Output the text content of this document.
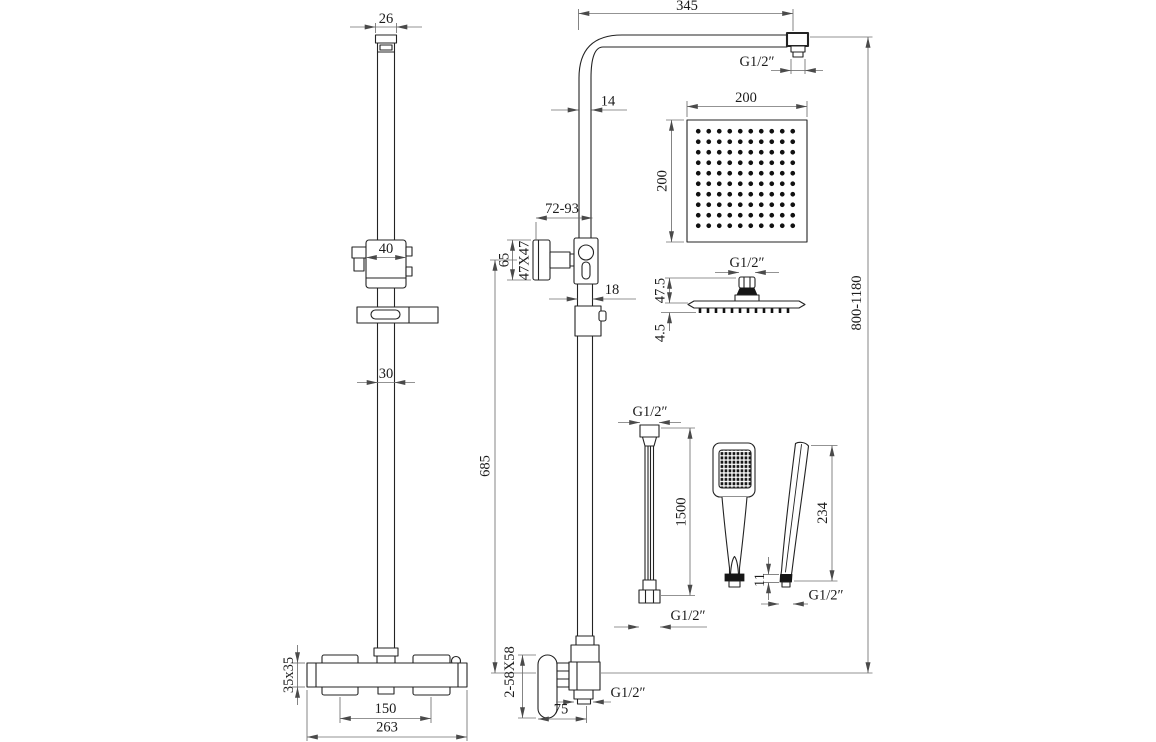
26
40
30
35x35
150
263
345
G1/2″
14
72-93
65 47X47
18
685
800-1180
2-58X58	G1/2″
75
200
200
G1/2″
47.5
4.5
G1/2″
1500
G1/2″
234
11
G1/2″
